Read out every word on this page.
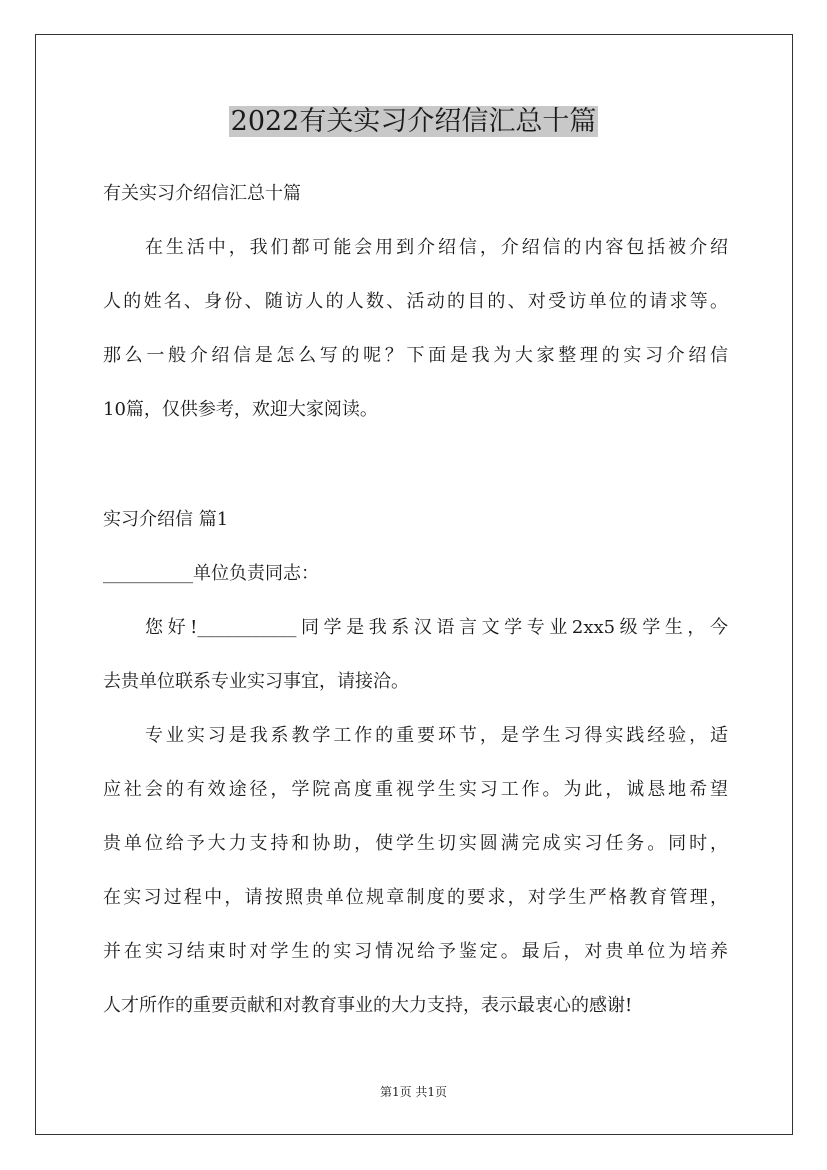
2022有关实习介绍信汇总十篇
有关实习介绍信汇总十篇
在生活中，我们都可能会用到介绍信，介绍信的内容包括被介绍
人的姓名、身份、随访人的人数、活动的目的、对受访单位的请求等。
那么一般介绍信是怎么写的呢？下面是我为大家整理的实习介绍信
10篇，仅供参考，欢迎大家阅读。
实习介绍信 篇1
__________单位负责同志：
您好!___________同学是我系汉语言文学专业2xx5级学生，今
去贵单位联系专业实习事宜，请接洽。
专业实习是我系教学工作的重要环节，是学生习得实践经验，适
应社会的有效途径，学院高度重视学生实习工作。为此，诚恳地希望
贵单位给予大力支持和协助，使学生切实圆满完成实习任务。同时，
在实习过程中，请按照贵单位规章制度的要求，对学生严格教育管理，
并在实习结束时对学生的实习情况给予鉴定。最后，对贵单位为培养
人才所作的重要贡献和对教育事业的大力支持，表示最衷心的感谢!
第1页 共1页
